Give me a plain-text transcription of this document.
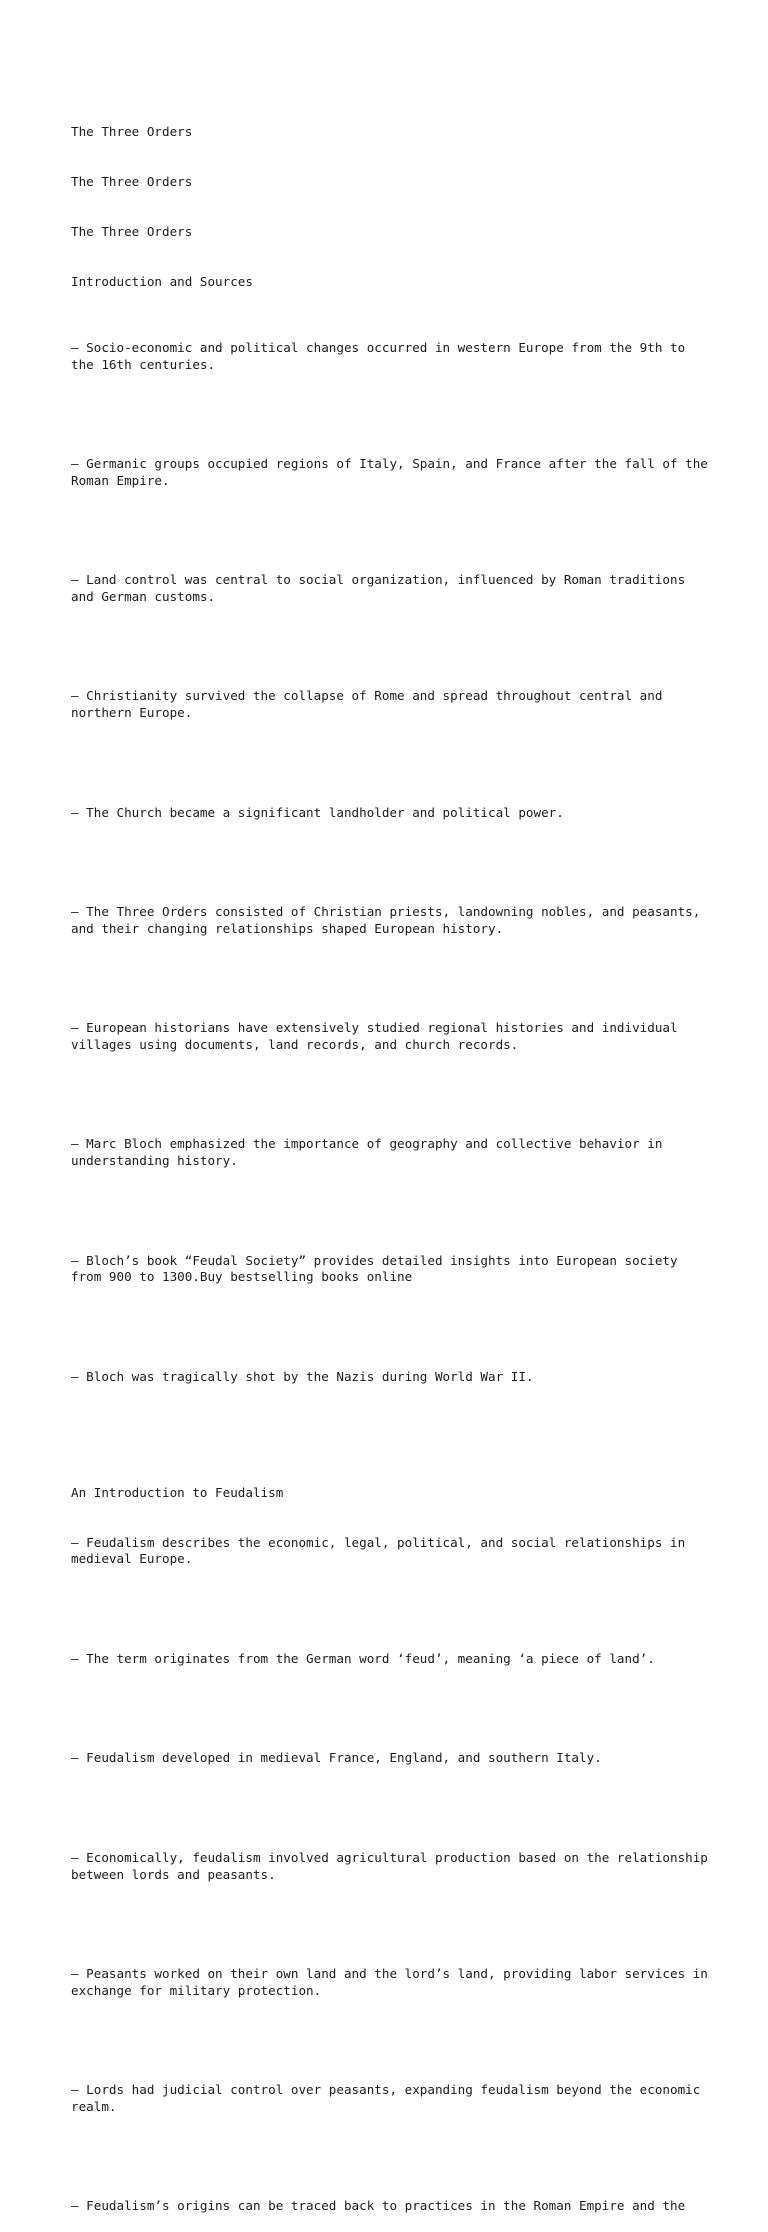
The Three Orders

The Three Orders

The Three Orders

Introduction and Sources

– Socio-economic and political changes occurred in western Europe from the 9th to the 16th centuries.

– Germanic groups occupied regions of Italy, Spain, and France after the fall of the Roman Empire.

– Land control was central to social organization, influenced by Roman traditions and German customs.

– Christianity survived the collapse of Rome and spread throughout central and northern Europe.

– The Church became a significant landholder and political power.

– The Three Orders consisted of Christian priests, landowning nobles, and peasants, and their changing relationships shaped European history.

– European historians have extensively studied regional histories and individual villages using documents, land records, and church records.

– Marc Bloch emphasized the importance of geography and collective behavior in understanding history.

– Bloch’s book “Feudal Society” provides detailed insights into European society from 900 to 1300.Buy bestselling books online

– Bloch was tragically shot by the Nazis during World War II.

An Introduction to Feudalism

– Feudalism describes the economic, legal, political, and social relationships in medieval Europe.

– The term originates from the German word ‘feud’, meaning ‘a piece of land’.

– Feudalism developed in medieval France, England, and southern Italy.

– Economically, feudalism involved agricultural production based on the relationship between lords and peasants.

– Peasants worked on their own land and the lord’s land, providing labor services in exchange for military protection.

– Lords had judicial control over peasants, expanding feudalism beyond the economic realm.

– Feudalism’s origins can be traced back to practices in the Roman Empire and the
